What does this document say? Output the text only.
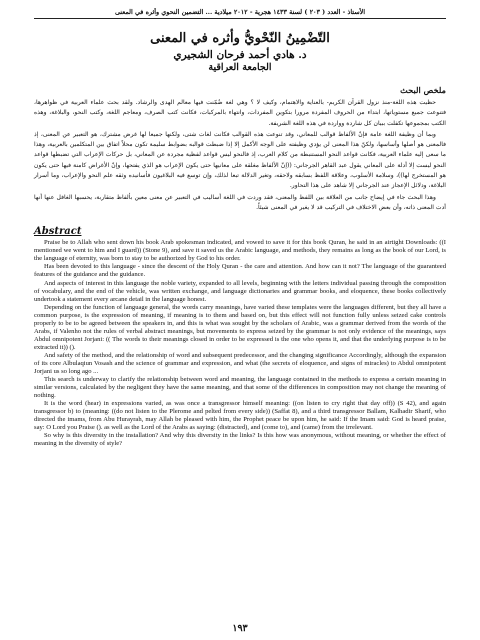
الأستاذ - العدد ( ٢٠٣ ) لسنة ١٤٣٣ هجرية - ٢٠١٢ ميلادية ... التضمين النحوي وأثره في المعنى
التّضْمِينُ النّحْويُّ وأثره في المعنى
د. هادي أحمد فرحان الشجيري
الجامعة العراقية
ملخص البحث

حظيت هذه اللغة-منذ نزول القرآن الكريم- بالعناية والاهتمام، وكيف لا ؟ وهي لغة ضُمّنت فيها معالم الهدى والرشاد. ولقد بحث علماء العربية في ظواهرها، فتنوعت جميع مستوياتها، ابتداء من الحروف المفردة مرورا بتكوين المفردات، وانتهاء بالمركبات، فكانت كتب الصرف، ومعاجم اللغة، وكتب النحو، والبلاغة، وهذه الكتب بمجموعها تكفلت ببيان كل شاردة وواردة في هذه اللغة الشريفة.

وبما أن وظيفة اللغة عامة فإنّ الألفاظ قوالب للمعاني، وقد تنوعت هذه القوالب فكانت لغات شتى، ولكنها جميعا لها غرض مشترك، هو التعبير عن المعنى، إذ فالمعنى هو أصلها وأساسها، ولكنّ هذا المعنى لن يؤدي وظيفته على الوجه الأكمل إلا إذا ضبطت قوالبه بضوابط سليمة تكون محلاً اتفاق بين المتكلمين بالعربية، وهذا ما سعى إليه علماء العربية، فكانت قواعد النحو المستنبطة من كلام العرب، إذ فالنحو ليس قواعد لفظية مجردة عن المعاني، بل حركات الإعراب التي تضبطها قواعد النحو ليست إلا أدلة على المعاني يقول عبد القاهر الجرجاني: ((إنّ الألفاظ مغلقة على معانيها حتى يكون الإعراب هو الذي يفتحها، وإنّ الأغراض كامنة فيها حتى يكون هو المستخرج لها))، وسلامة الأسلوب، وعلاقة اللفظ بسابقه ولاحقه، وتغير الدلالة تبعا لذلك، وإن توسع فيه البلاغيون فأسانيده وثقه علم النحو والإعراب، وما أسرار البلاغة، ودلائل الإعجاز عند الجرجاني إلا شاهد على هذا التحاور.

وهذا البحث جاء في إيضاح جانب من العلاقة بين اللفظ والمعنى، فقد وردت في اللغة أساليب في التعبير عن معنى معين بألفاظ متقاربة، يحسبها الغافل عنها أنها أدت المعنى ذاته، وأن بعض الاختلاف في التركيب قد لا يغير في المعنى شيئاً.

Abstract

Praise be to Allah who sent down his book Arab spokesman indicated, and vowed to save it for this book Quran, he said in an airtight Downloads: ((I mentioned we went to him and I guard)) (Stone 9), and save it saved us the Arabic language, and methods, they remains as long as the book of our Lord, is the language of eternity, was born to stay to be authorized by God to his order.

Has been devoted to this language - since the descent of the Holy Quran - the care and attention. And how can it not? The language of the guaranteed features of the guidance and the guidance.

And aspects of interest in this language the noble variety, expanded to all levels, beginning with the letters individual passing through the composition of vocabulary, and the end of the vehicle, was written exchange, and language dictionaries and grammar books, and eloquence, these books collectively undertook a statement every arcane detail in the language honest.

Depending on the function of language general, the words carry meanings, have varied these templates were the languages different, but they all have a common purpose, is the expression of meaning, if meaning is to them and based on, but this effect will not function fully unless seized cake controls properly to be to be agreed between the speakers in, and this is what was sought by the scholars of Arabic, was a grammar derived from the words of the Arabs, if Valenho not the rules of verbal abstract meanings, but movements to express seized by the grammar is not only evidence of the meanings, says Abdul omnipotent Jorjani: (( The words to their meanings closed in order to be expressed is the one who opens it, and that the underlying purpose is to be extracted it)) ().

And safety of the method, and the relationship of word and subsequent predecessor, and the changing significance Accordingly, although the expansion of its core Albulaqiun Vosash and the science of grammar and expression, and what (the secrets of eloquence, and signs of miracles) to Abdul omnipotent Jorjani us so long ago ...

This search is underway to clarify the relationship between word and meaning, the language contained in the methods to express a certain meaning in similar versions, calculated by the negligent they have the same meaning, and that some of the differences in composition may not change the meaning of nothing.

It is the word (hear) in expressions varied, as was once a transgressor himself meaning: ((on listen to cry right that day off)) (S 42), and again transgressor b) to (meaning: ((do not listen to the Plerome and pelted from every side)) (Saffat 8), and a third transgressor Ballam, Kalhadir Sharif, who directed the imams, from Abu Hurayrah, may Allah be pleased with him, the Prophet peace be upon him, he said: If the Imam said: God is heard praise, say: O Lord you Praise (). as well as the Lord of the Arabs as saying: (distracted), and (come to), and (came) from the irrelevant.

So why is this diversity in the installation? And why this diversity in the links? Is this how was anonymous, without meaning, or whether the effect of meaning in the diversity of style?

١٩٣
